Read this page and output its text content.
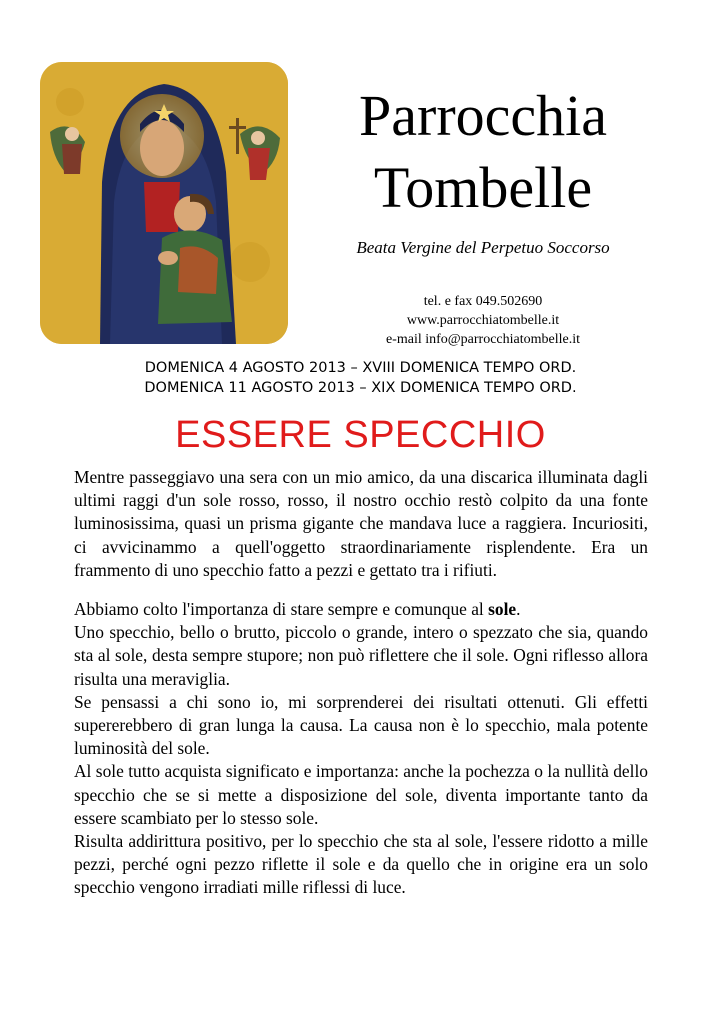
Parrocchia
Tombelle
Beata Vergine del Perpetuo Soccorso
tel. e fax 049.502690
www.parrocchiatombelle.it
e-mail info@parrocchiatombelle.it
DOMENICA 4 AGOSTO 2013 – XVIII DOMENICA TEMPO ORD.
DOMENICA 11 AGOSTO 2013 – XIX DOMENICA TEMPO ORD.
ESSERE SPECCHIO

Mentre passeggiavo una sera con un mio amico, da una discarica illuminata dagli ultimi raggi d'un sole rosso, rosso, il nostro occhio restò colpito da una fonte luminosissima, quasi un prisma gigante che mandava luce a raggiera. Incuriositi, ci avvicinammo a quell'oggetto straordinariamente risplendente. Era un frammento di uno specchio fatto a pezzi e gettato tra i rifiuti.

Abbiamo colto l'importanza di stare sempre e comunque al sole.

Uno specchio, bello o brutto, piccolo o grande, intero o spezzato che sia, quando sta al sole, desta sempre stupore; non può riflettere che il sole. Ogni riflesso allora risulta una meraviglia.

Se pensassi a chi sono io, mi sorprenderei dei risultati ottenuti. Gli effetti supererebbero di gran lunga la causa. La causa non è lo specchio, mala potente luminosità del sole.

Al sole tutto acquista significato e importanza: anche la pochezza o la nullità dello specchio che se si mette a disposizione del sole, diventa importante tanto da essere scambiato per lo stesso sole.

Risulta addirittura positivo, per lo specchio che sta al sole, l'essere ridotto a mille pezzi, perché ogni pezzo riflette il sole e da quello che in origine era un solo specchio vengono irradiati mille riflessi di luce.
